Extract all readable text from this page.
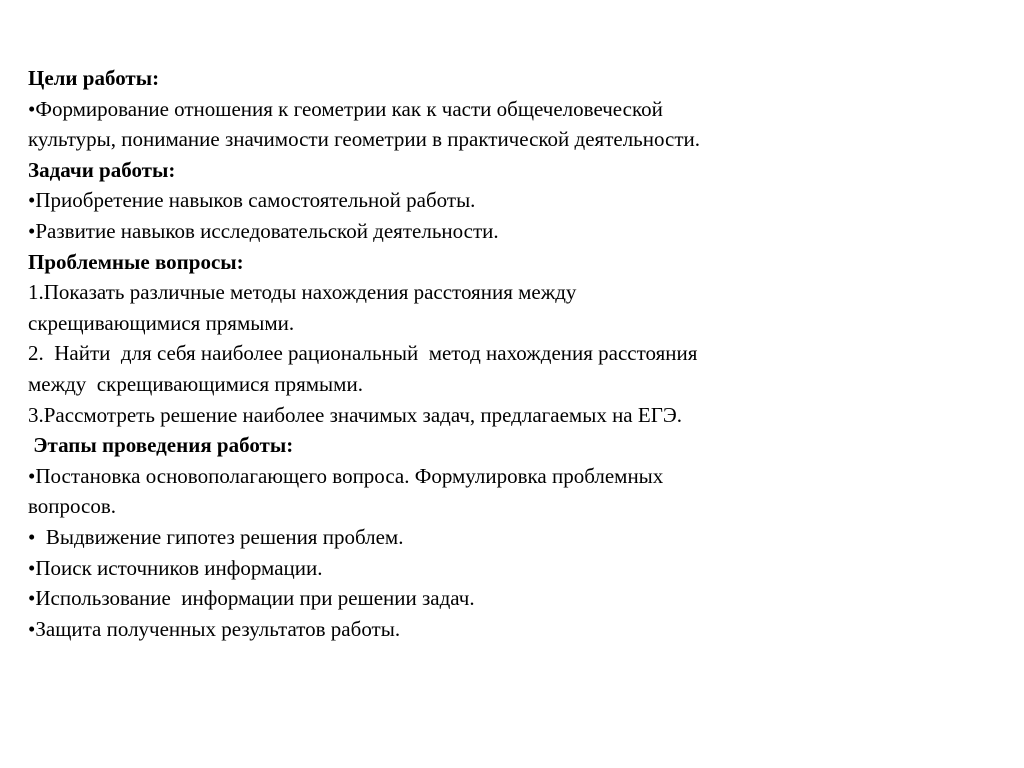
Цели работы:

•Формирование отношения к геометрии как к части общечеловеческой

культуры, понимание значимости геометрии в практической деятельности.

Задачи работы:

•Приобретение навыков самостоятельной работы.

•Развитие навыков исследовательской деятельности.

Проблемные вопросы:

1.Показать различные методы нахождения расстояния между

скрещивающимися прямыми.

2.  Найти  для себя наиболее рациональный  метод нахождения расстояния

между  скрещивающимися прямыми.

3.Рассмотреть решение наиболее значимых задач, предлагаемых на ЕГЭ.

Этапы проведения работы:

•Постановка основополагающего вопроса. Формулировка проблемных

вопросов.

•  Выдвижение гипотез решения проблем.

•Поиск источников информации.

•Использование  информации при решении задач.

•Защита полученных результатов работы.
